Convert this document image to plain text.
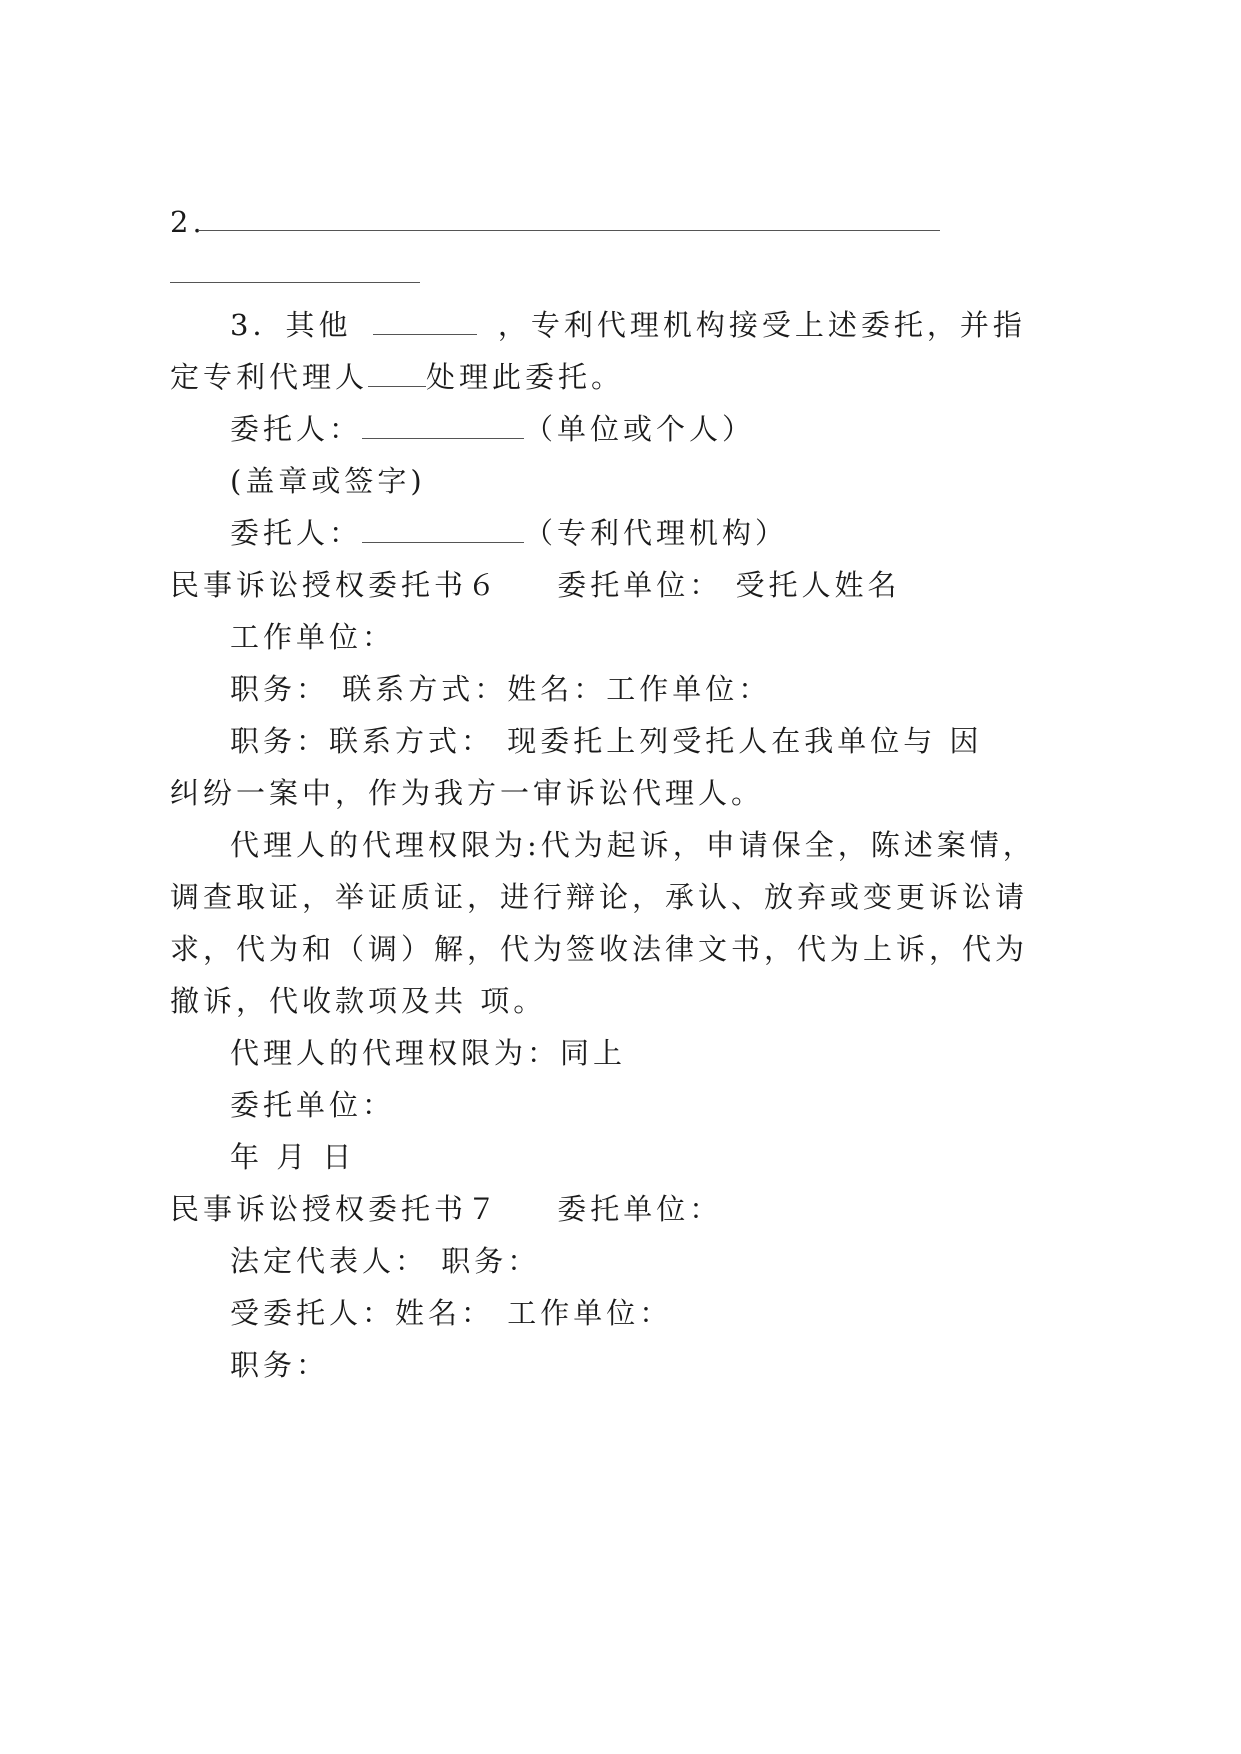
2.
3．其他	，专利代理机构接受上述委托，并指
定专利代理人 处理此委托。
委托人：	（单位或个人）
(盖章或签字)
委托人：	（专利代理机构）
民事诉讼授权委托书６ 委托单位： 受托人姓名
工作单位：
职务： 联系方式：姓名：工作单位：
职务：联系方式： 现委托上列受托人在我单位与 因
纠纷一案中，作为我方一审诉讼代理人。
代理人的代理权限为:代为起诉，申请保全，陈述案情，
调查取证，举证质证，进行辩论，承认、放弃或变更诉讼请
求，代为和（调）解，代为签收法律文书，代为上诉，代为
撤诉，代收款项及共 项。
代理人的代理权限为：同上
委托单位：
年 月 日
民事诉讼授权委托书７ 委托单位：
法定代表人： 职务：
受委托人：姓名： 工作单位：
职务：
